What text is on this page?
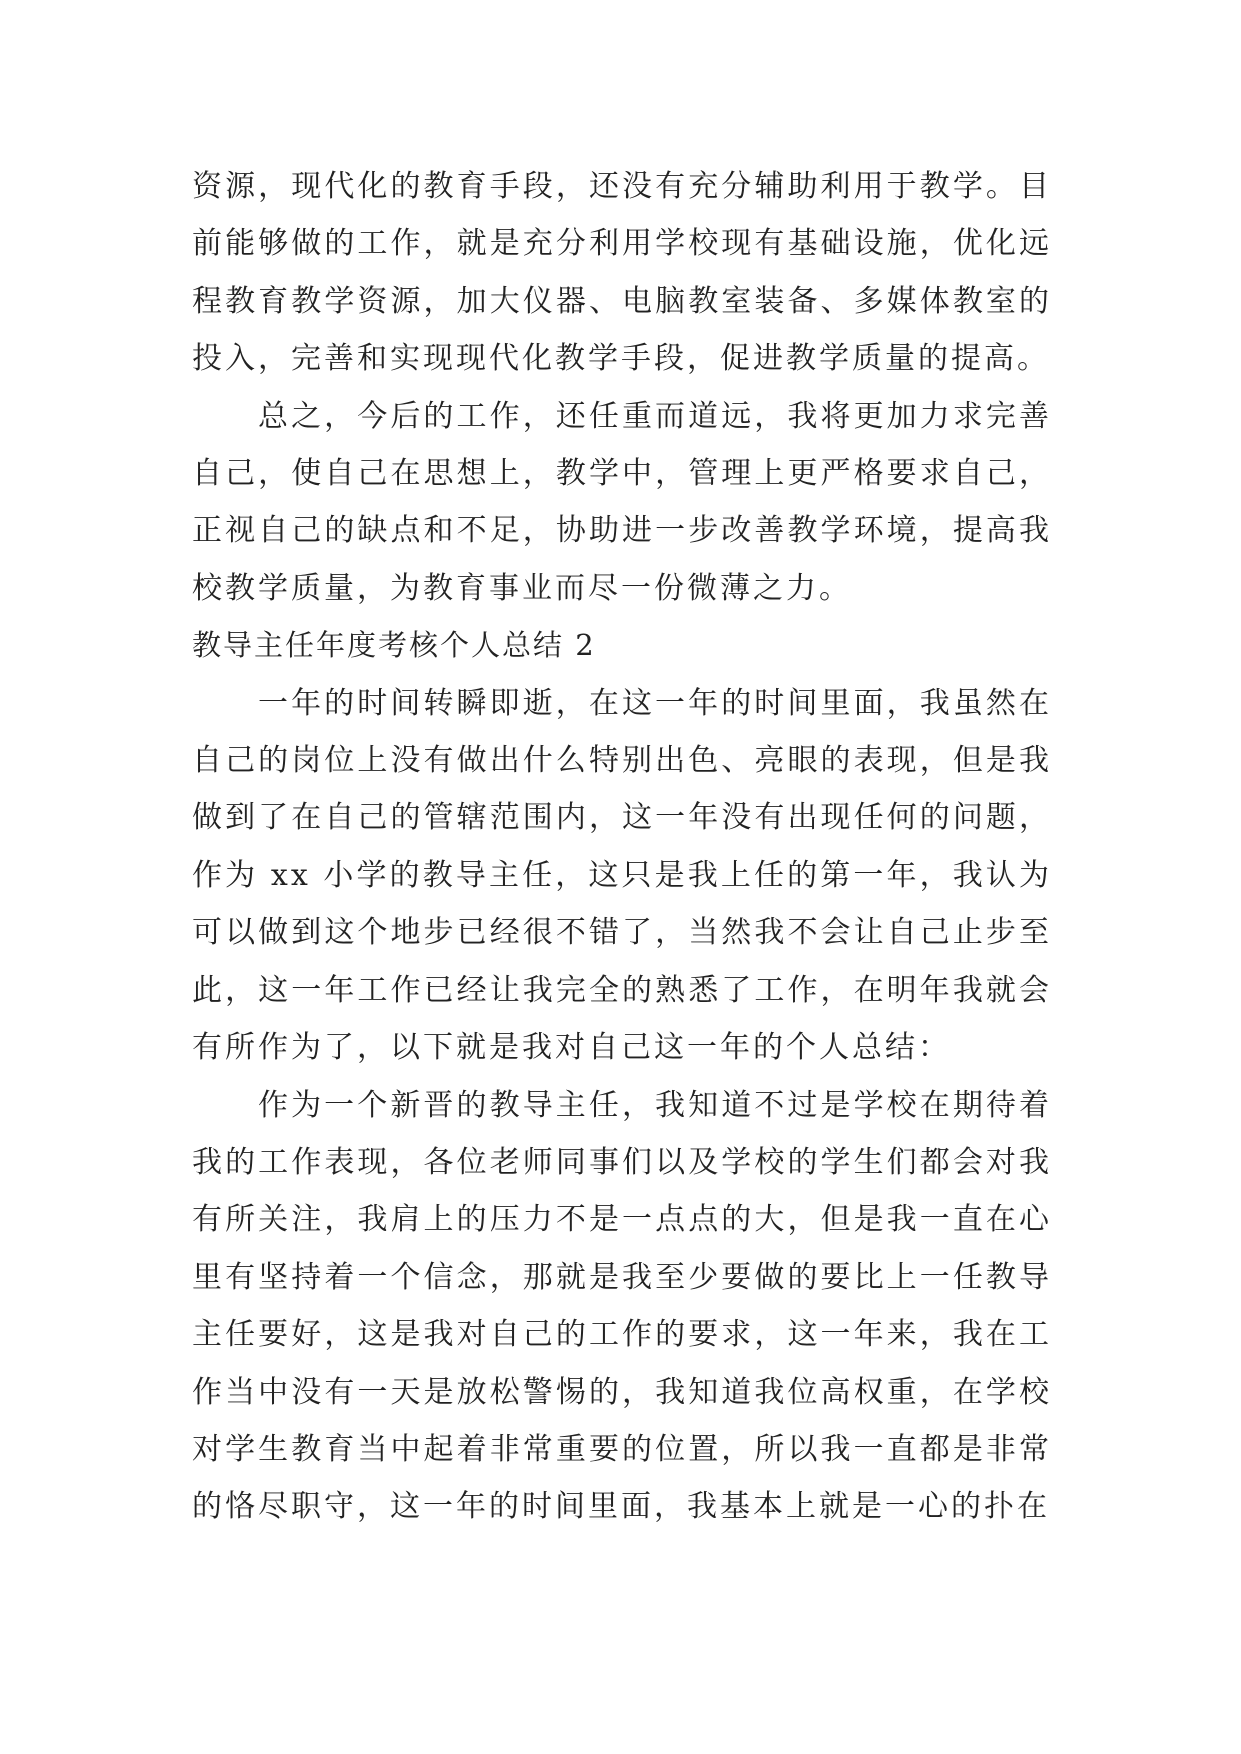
资源，现代化的教育手段，还没有充分辅助利用于教学。目前能够做的工作，就是充分利用学校现有基础设施，优化远程教育教学资源，加大仪器、电脑教室装备、多媒体教室的投入，完善和实现现代化教学手段，促进教学质量的提高。

总之，今后的工作，还任重而道远，我将更加力求完善自己，使自己在思想上，教学中，管理上更严格要求自己，正视自己的缺点和不足，协助进一步改善教学环境，提高我校教学质量，为教育事业而尽一份微薄之力。

教导主任年度考核个人总结 2

一年的时间转瞬即逝，在这一年的时间里面，我虽然在自己的岗位上没有做出什么特别出色、亮眼的表现，但是我做到了在自己的管辖范围内，这一年没有出现任何的问题，作为 xx 小学的教导主任，这只是我上任的第一年，我认为可以做到这个地步已经很不错了，当然我不会让自己止步至此，这一年工作已经让我完全的熟悉了工作，在明年我就会有所作为了，以下就是我对自己这一年的个人总结：

作为一个新晋的教导主任，我知道不过是学校在期待着我的工作表现，各位老师同事们以及学校的学生们都会对我有所关注，我肩上的压力不是一点点的大，但是我一直在心里有坚持着一个信念，那就是我至少要做的要比上一任教导主任要好，这是我对自己的工作的要求，这一年来，我在工作当中没有一天是放松警惕的，我知道我位高权重，在学校对学生教育当中起着非常重要的位置，所以我一直都是非常的恪尽职守，这一年的时间里面，我基本上就是一心的扑在
